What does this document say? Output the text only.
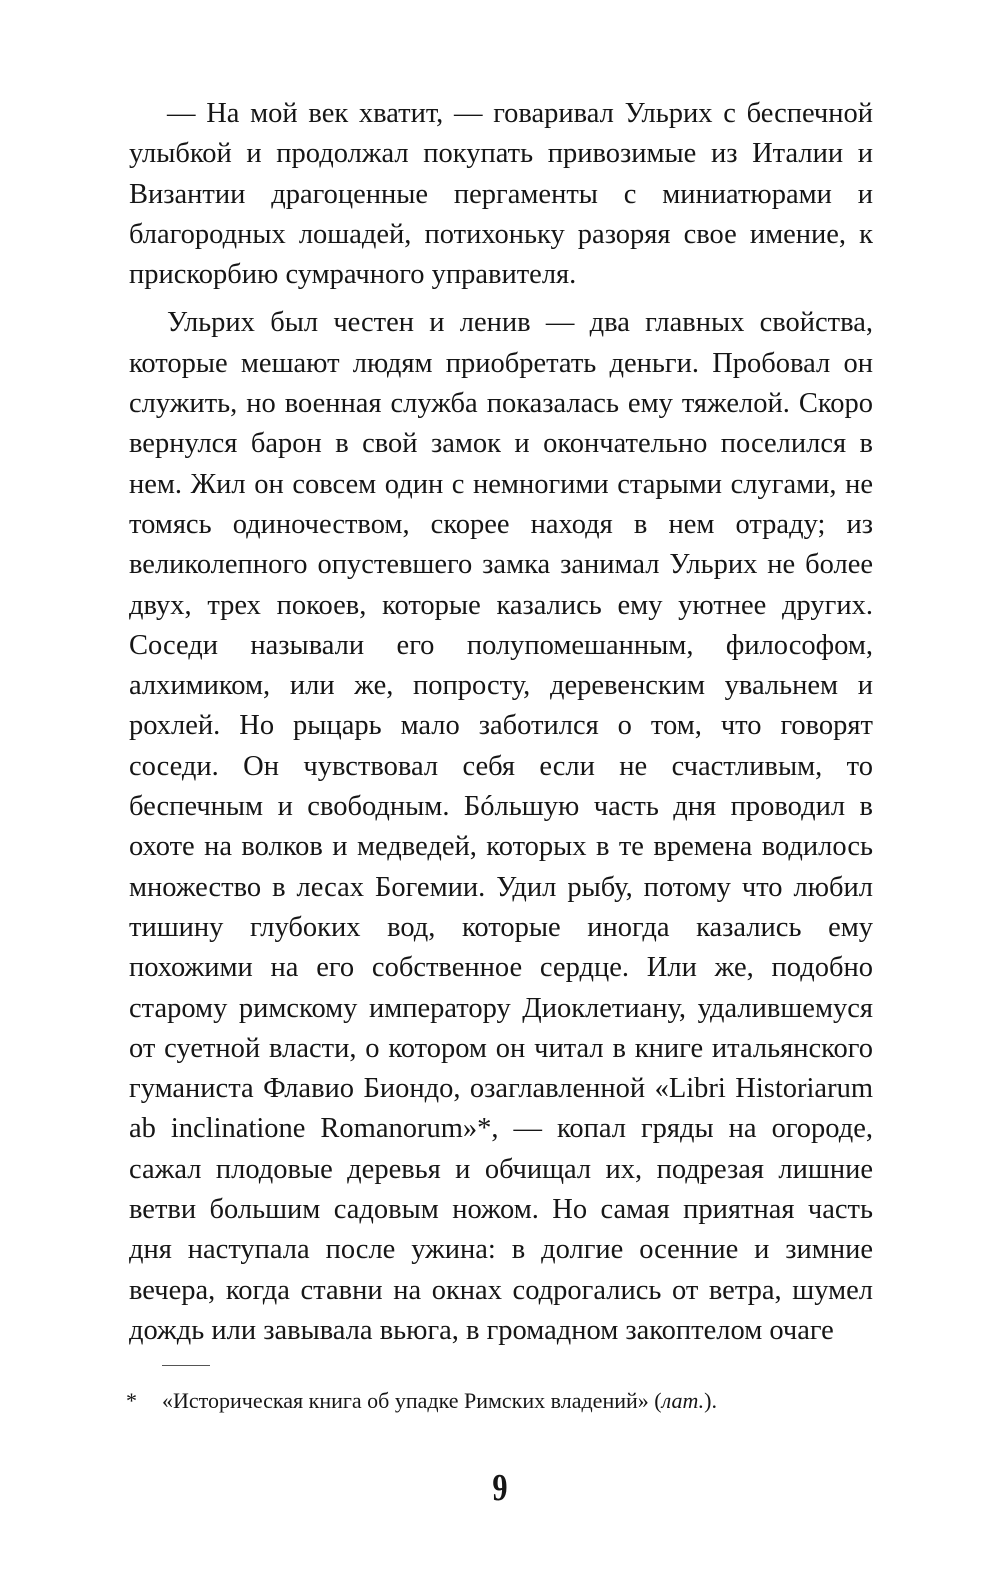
— На мой век хватит, — говаривал Ульрих с беспечной улыбкой и продолжал покупать привозимые из Италии и Византии драгоценные пергаменты с миниатюрами и благородных лошадей, потихоньку разоряя свое имение, к прискорбию сумрачного управителя.

Ульрих был честен и ленив — два главных свойства, которые мешают людям приобретать деньги. Пробовал он служить, но военная служба показалась ему тяжелой. Скоро вернулся барон в свой замок и окончательно поселился в нем. Жил он совсем один с немногими старыми слугами, не томясь одиночеством, скорее находя в нем отраду; из великолепного опустевшего замка занимал Ульрих не более двух, трех покоев, которые казались ему уютнее других. Соседи называли его полупомешанным, философом, алхимиком, или же, попросту, деревенским увальнем и рохлей. Но рыцарь мало заботился о том, что говорят соседи. Он чувствовал себя если не счастливым, то беспечным и свободным. Бóльшую часть дня проводил в охоте на волков и медведей, которых в те времена водилось множество в лесах Богемии. Удил рыбу, потому что любил тишину глубоких вод, которые иногда казались ему похожими на его собственное сердце. Или же, подобно старому римскому императору Диоклетиану, удалившемуся от суетной власти, о котором он читал в книге итальянского гуманиста Флавио Биондо, озаглавленной «Libri Historiarum ab inclinatione Romanorum»*, — копал гряды на огороде, сажал плодовые деревья и обчищал их, подрезая лишние ветви большим садовым ножом. Но самая приятная часть дня наступала после ужина: в долгие осенние и зимние вечера, когда ставни на окнах содрогались от ветра, шумел дождь или завывала вьюга, в громадном закоптелом очаге

* «Историческая книга об упадке Римских владений» (лат.).
9
